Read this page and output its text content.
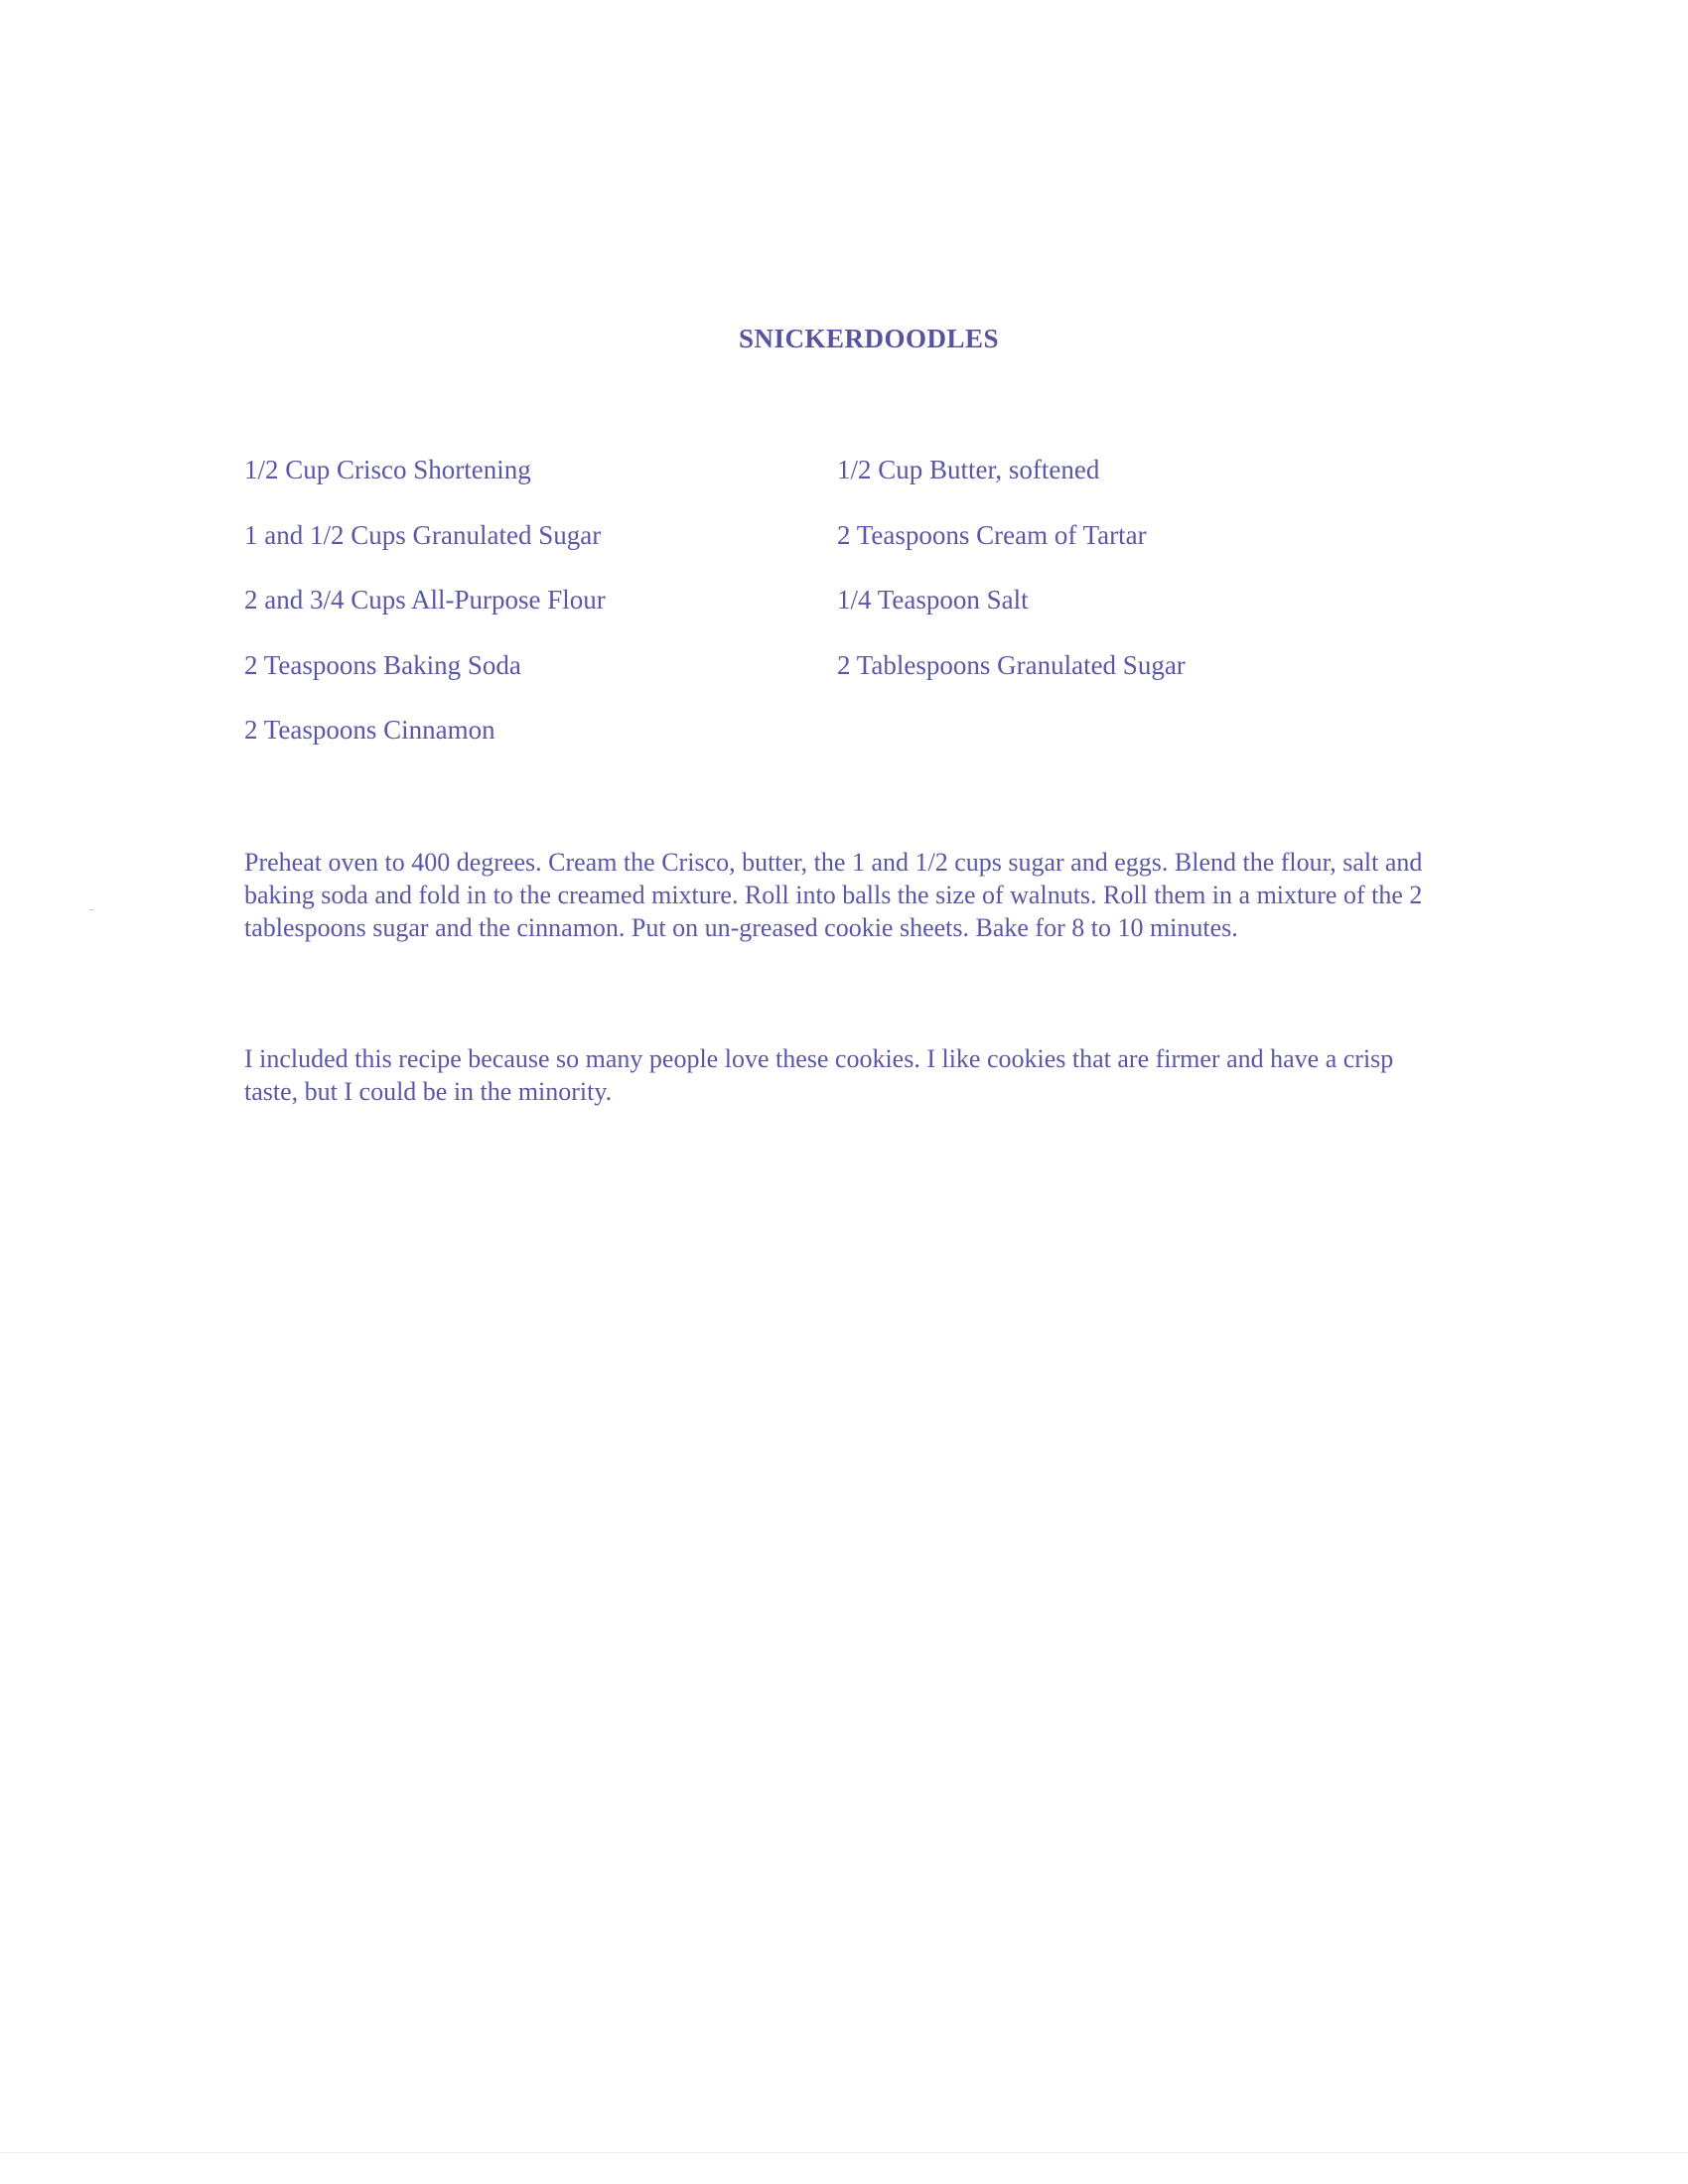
SNICKERDOODLES
1/2 Cup Crisco Shortening	1/2 Cup Butter, softened
1 and 1/2 Cups Granulated Sugar	2 Teaspoons Cream of Tartar
2 and 3/4 Cups All-Purpose Flour	1/4 Teaspoon Salt
2 Teaspoons Baking Soda	2 Tablespoons Granulated Sugar
2 Teaspoons Cinnamon

Preheat oven to 400 degrees. Cream the Crisco, butter, the 1 and 1/2 cups sugar and eggs. Blend the flour, salt and baking soda and fold in to the creamed mixture. Roll into balls the size of walnuts. Roll them in a mixture of the 2 tablespoons sugar and the cinnamon. Put on un-greased cookie sheets. Bake for 8 to 10 minutes.

I included this recipe because so many people love these cookies. I like cookies that are firmer and have a crisp taste, but I could be in the minority.
